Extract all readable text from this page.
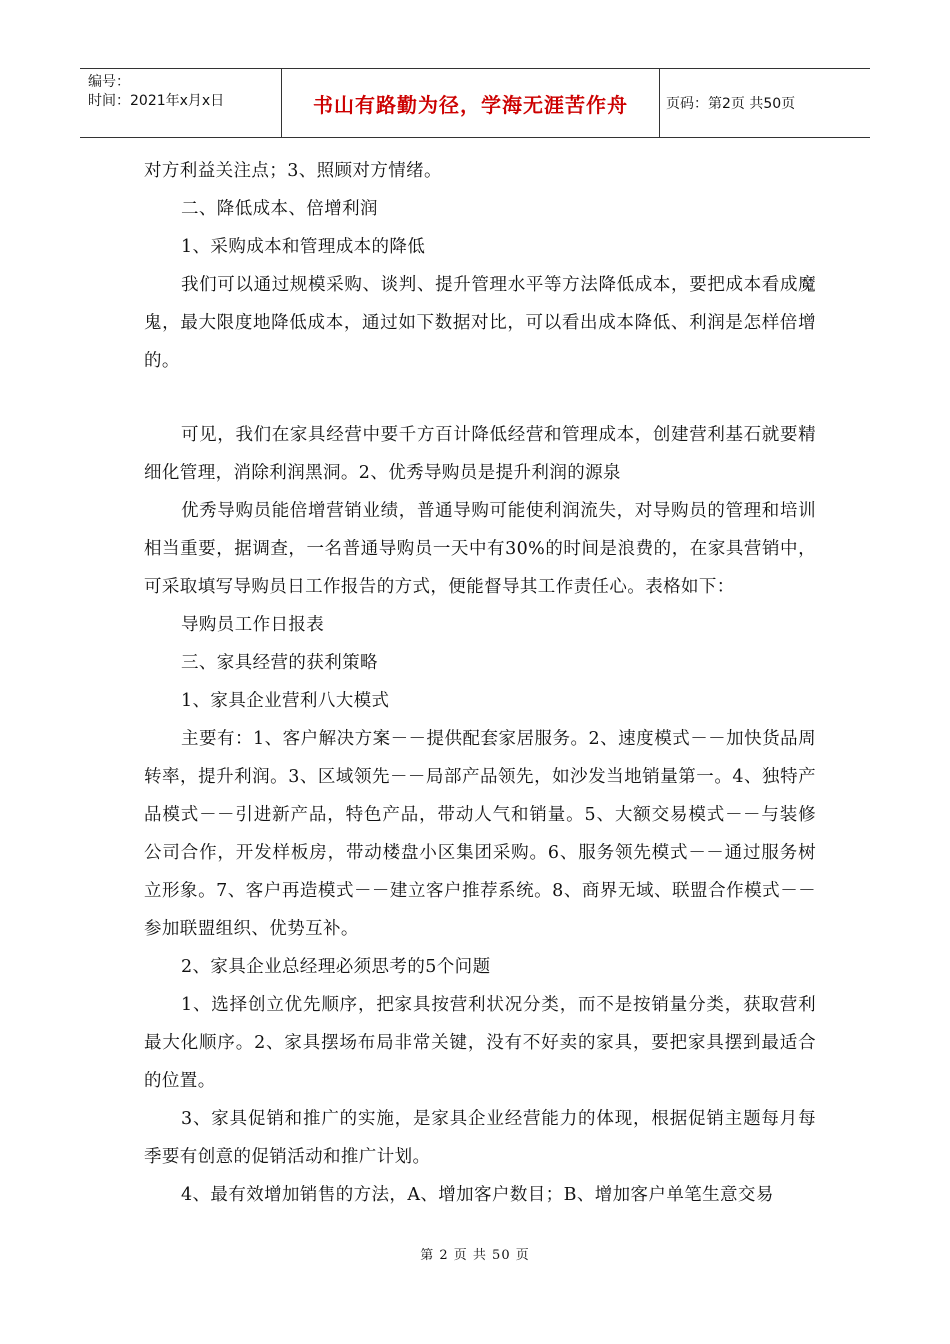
编号：
时间：2021年x月x日	书山有路勤为径，学海无涯苦作舟	页码：第2页 共50页

对方利益关注点；3、照顾对方情绪。

二、降低成本、倍增利润

1、采购成本和管理成本的降低

我们可以通过规模采购、谈判、提升管理水平等方法降低成本，要把成本看成魔鬼，最大限度地降低成本，通过如下数据对比，可以看出成本降低、利润是怎样倍增的。

可见，我们在家具经营中要千方百计降低经营和管理成本，创建营利基石就要精细化管理，消除利润黑洞。2、优秀导购员是提升利润的源泉

优秀导购员能倍增营销业绩，普通导购可能使利润流失，对导购员的管理和培训相当重要，据调查，一名普通导购员一天中有30%的时间是浪费的，在家具营销中，可采取填写导购员日工作报告的方式，便能督导其工作责任心。表格如下：

导购员工作日报表

三、家具经营的获利策略

1、家具企业营利八大模式

主要有：1、客户解决方案－－提供配套家居服务。2、速度模式－－加快货品周转率，提升利润。3、区域领先－－局部产品领先，如沙发当地销量第一。4、独特产品模式－－引进新产品，特色产品，带动人气和销量。5、大额交易模式－－与装修公司合作，开发样板房，带动楼盘小区集团采购。6、服务领先模式－－通过服务树立形象。7、客户再造模式－－建立客户推荐系统。8、商界无域、联盟合作模式－－参加联盟组织、优势互补。

2、家具企业总经理必须思考的5个问题

1、选择创立优先顺序，把家具按营利状况分类，而不是按销量分类，获取营利最大化顺序。2、家具摆场布局非常关键，没有不好卖的家具，要把家具摆到最适合的位置。

3、家具促销和推广的实施，是家具企业经营能力的体现，根据促销主题每月每季要有创意的促销活动和推广计划。

4、最有效增加销售的方法，A、增加客户数目；B、增加客户单笔生意交易

第 2 页 共 50 页
